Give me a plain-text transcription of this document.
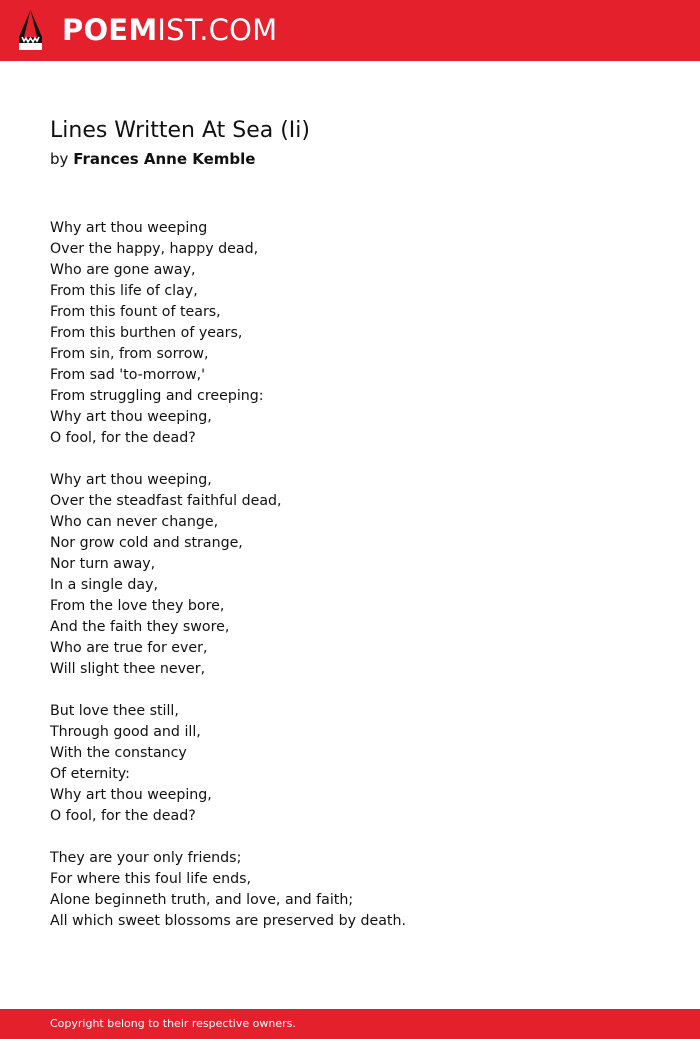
POEMIST.COM
Lines Written At Sea (Ii)
by Frances Anne Kemble
Why art thou weeping
Over the happy, happy dead,
Who are gone away,
From this life of clay,
From this fount of tears,
From this burthen of years,
From sin, from sorrow,
From sad 'to-morrow,'
From struggling and creeping:
Why art thou weeping,
O fool, for the dead?
Why art thou weeping,
Over the steadfast faithful dead,
Who can never change,
Nor grow cold and strange,
Nor turn away,
In a single day,
From the love they bore,
And the faith they swore,
Who are true for ever,
Will slight thee never,
But love thee still,
Through good and ill,
With the constancy
Of eternity:
Why art thou weeping,
O fool, for the dead?
They are your only friends;
For where this foul life ends,
Alone beginneth truth, and love, and faith;
All which sweet blossoms are preserved by death.
Copyright belong to their respective owners.
